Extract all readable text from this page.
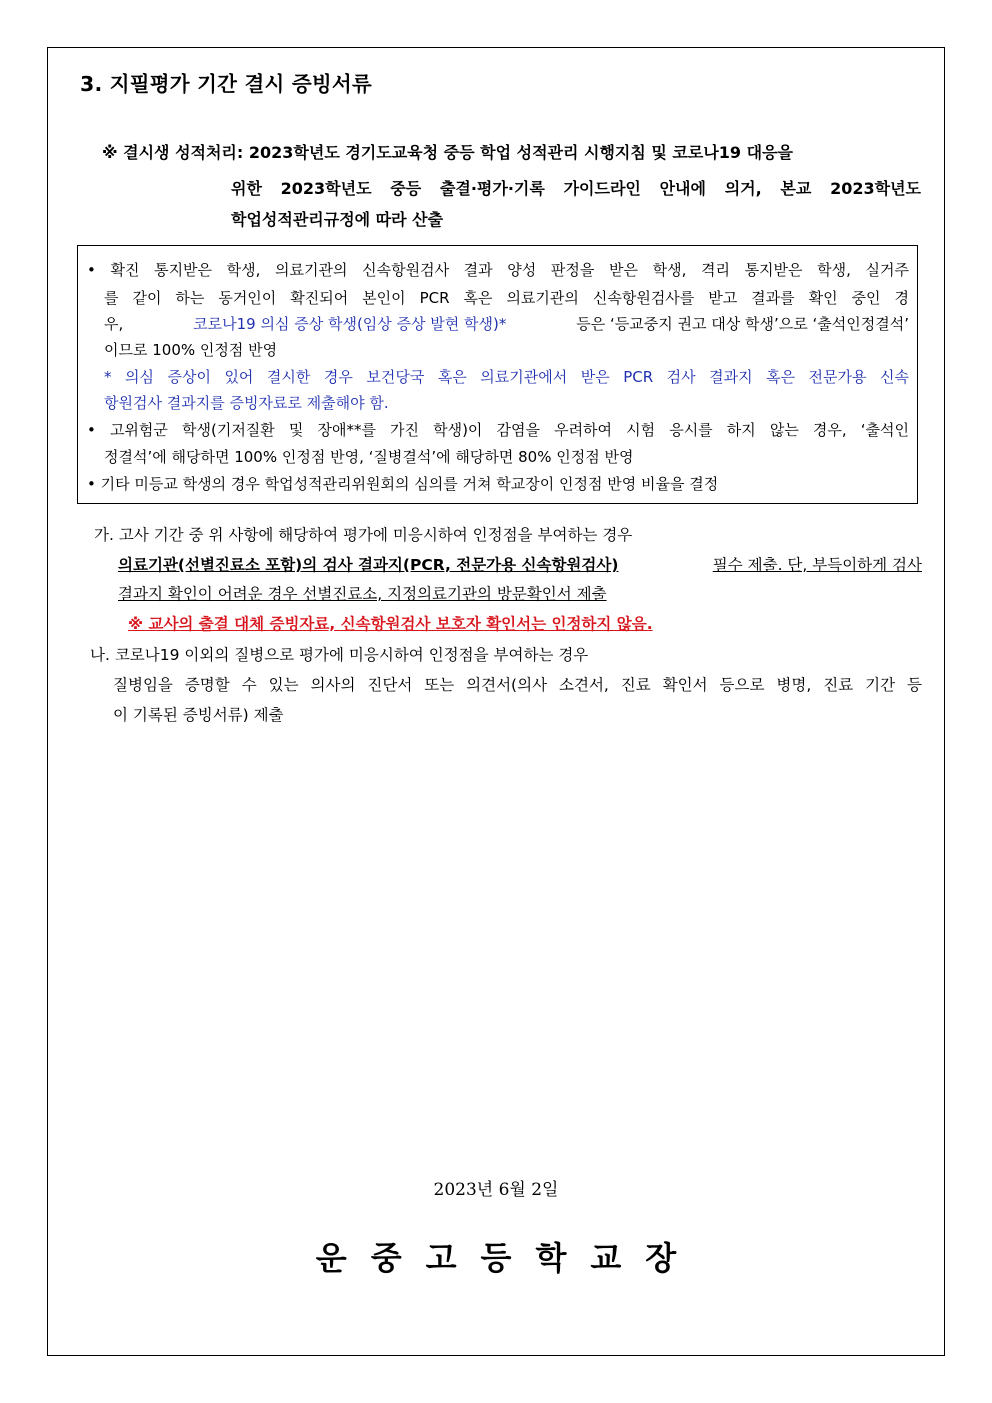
3. 지필평가 기간 결시 증빙서류
※ 결시생 성적처리: 2023학년도 경기도교육청 중등 학업 성적관리 시행지침 및 코로나19 대응을
위한 2023학년도 중등 출결·평가·기록 가이드라인 안내에 의거, 본교 2023학년도
학업성적관리규정에 따라 산출
• 확진 통지받은 학생, 의료기관의 신속항원검사 결과 양성 판정을 받은 학생, 격리 통지받은 학생, 실거주
를 같이 하는 동거인이 확진되어 본인이 PCR 혹은 의료기관의 신속항원검사를 받고 결과를 확인 중인 경
우,	코로나19 의심 증상 학생(임상 증상 발현 학생)*	등은 ‘등교중지 권고 대상 학생’으로 ‘출석인정결석’
이므로 100% 인정점 반영
* 의심 증상이 있어 결시한 경우 보건당국 혹은 의료기관에서 받은 PCR 검사 결과지 혹은 전문가용 신속
항원검사 결과지를 증빙자료로 제출해야 함.
• 고위험군 학생(기저질환 및 장애**를 가진 학생)이 감염을 우려하여 시험 응시를 하지 않는 경우, ‘출석인
정결석’에 해당하면 100% 인정점 반영, ‘질병결석’에 해당하면 80% 인정점 반영
• 기타 미등교 학생의 경우 학업성적관리위원회의 심의를 거쳐 학교장이 인정점 반영 비율을 결정
가. 고사 기간 중 위 사항에 해당하여 평가에 미응시하여 인정점을 부여하는 경우
의료기관(선별진료소 포함)의 검사 결과지(PCR, 전문가용 신속항원검사)	필수 제출. 단, 부득이하게 검사
결과지 확인이 어려운 경우 선별진료소, 지정의료기관의 방문확인서 제출
※ 교사의 출결 대체 증빙자료, 신속항원검사 보호자 확인서는 인정하지 않음.
나. 코로나19 이외의 질병으로 평가에 미응시하여 인정점을 부여하는 경우
질병임을 증명할 수 있는 의사의 진단서 또는 의견서(의사 소견서, 진료 확인서 등으로 병명, 진료 기간 등
이 기록된 증빙서류) 제출
2023년 6월 2일
운중고등학교장
